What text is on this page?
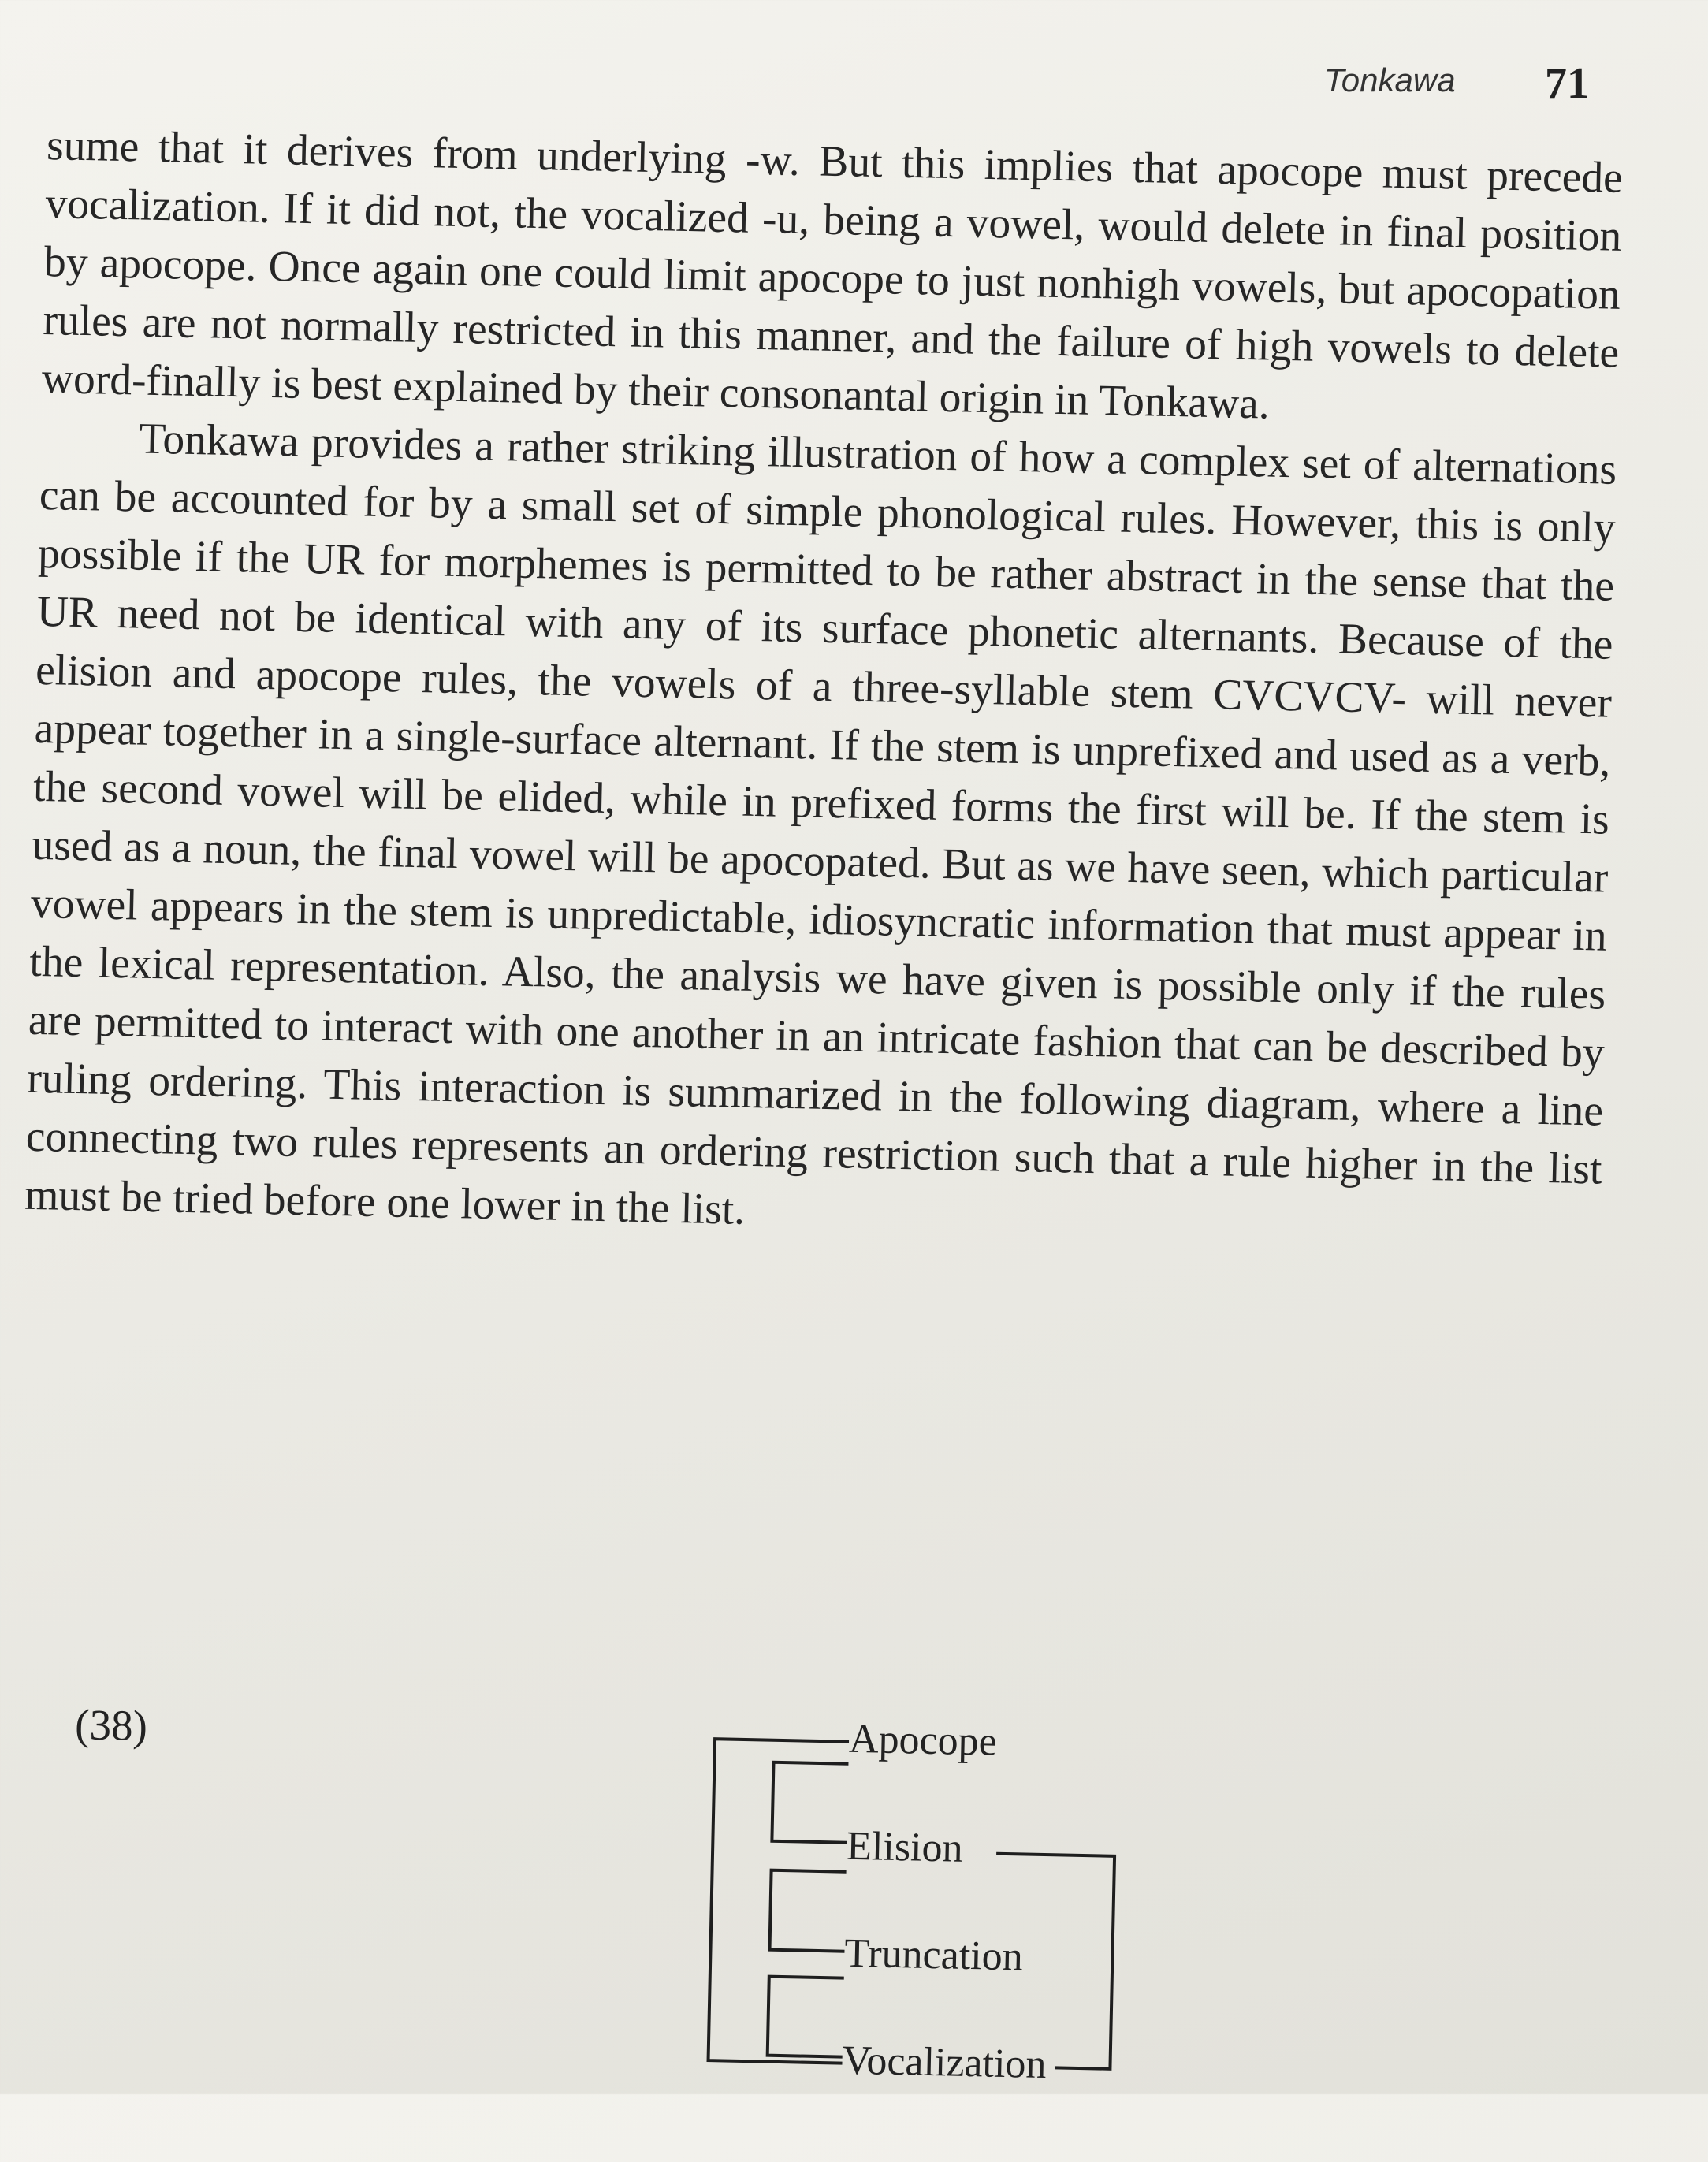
Tonkawa 71

sume that it derives from underlying -w. But this implies that apocope must precede vocalization. If it did not, the vocalized -u, being a vowel, would delete in final position by apocope. Once again one could limit apocope to just nonhigh vowels, but apocopation rules are not normally restricted in this manner, and the failure of high vowels to delete word-finally is best explained by their consonantal origin in Tonkawa.

Tonkawa provides a rather striking illustration of how a complex set of alternations can be accounted for by a small set of simple phonological rules. However, this is only possible if the UR for morphemes is permitted to be rather abstract in the sense that the UR need not be identical with any of its surface phonetic alternants. Because of the elision and apocope rules, the vowels of a three-syllable stem CVCVCV- will never appear together in a single-surface alternant. If the stem is unprefixed and used as a verb, the second vowel will be elided, while in prefixed forms the first will be. If the stem is used as a noun, the final vowel will be apocopated. But as we have seen, which particular vowel appears in the stem is unpredictable, idiosyncratic information that must appear in the lexical representation. Also, the analysis we have given is possible only if the rules are permitted to interact with one another in an intricate fashion that can be described by ruling ordering. This interaction is summarized in the following diagram, where a line connecting two rules represents an ordering restriction such that a rule higher in the list must be tried before one lower in the list.

(38)	Apocope
Elision
Truncation
Vocalization
